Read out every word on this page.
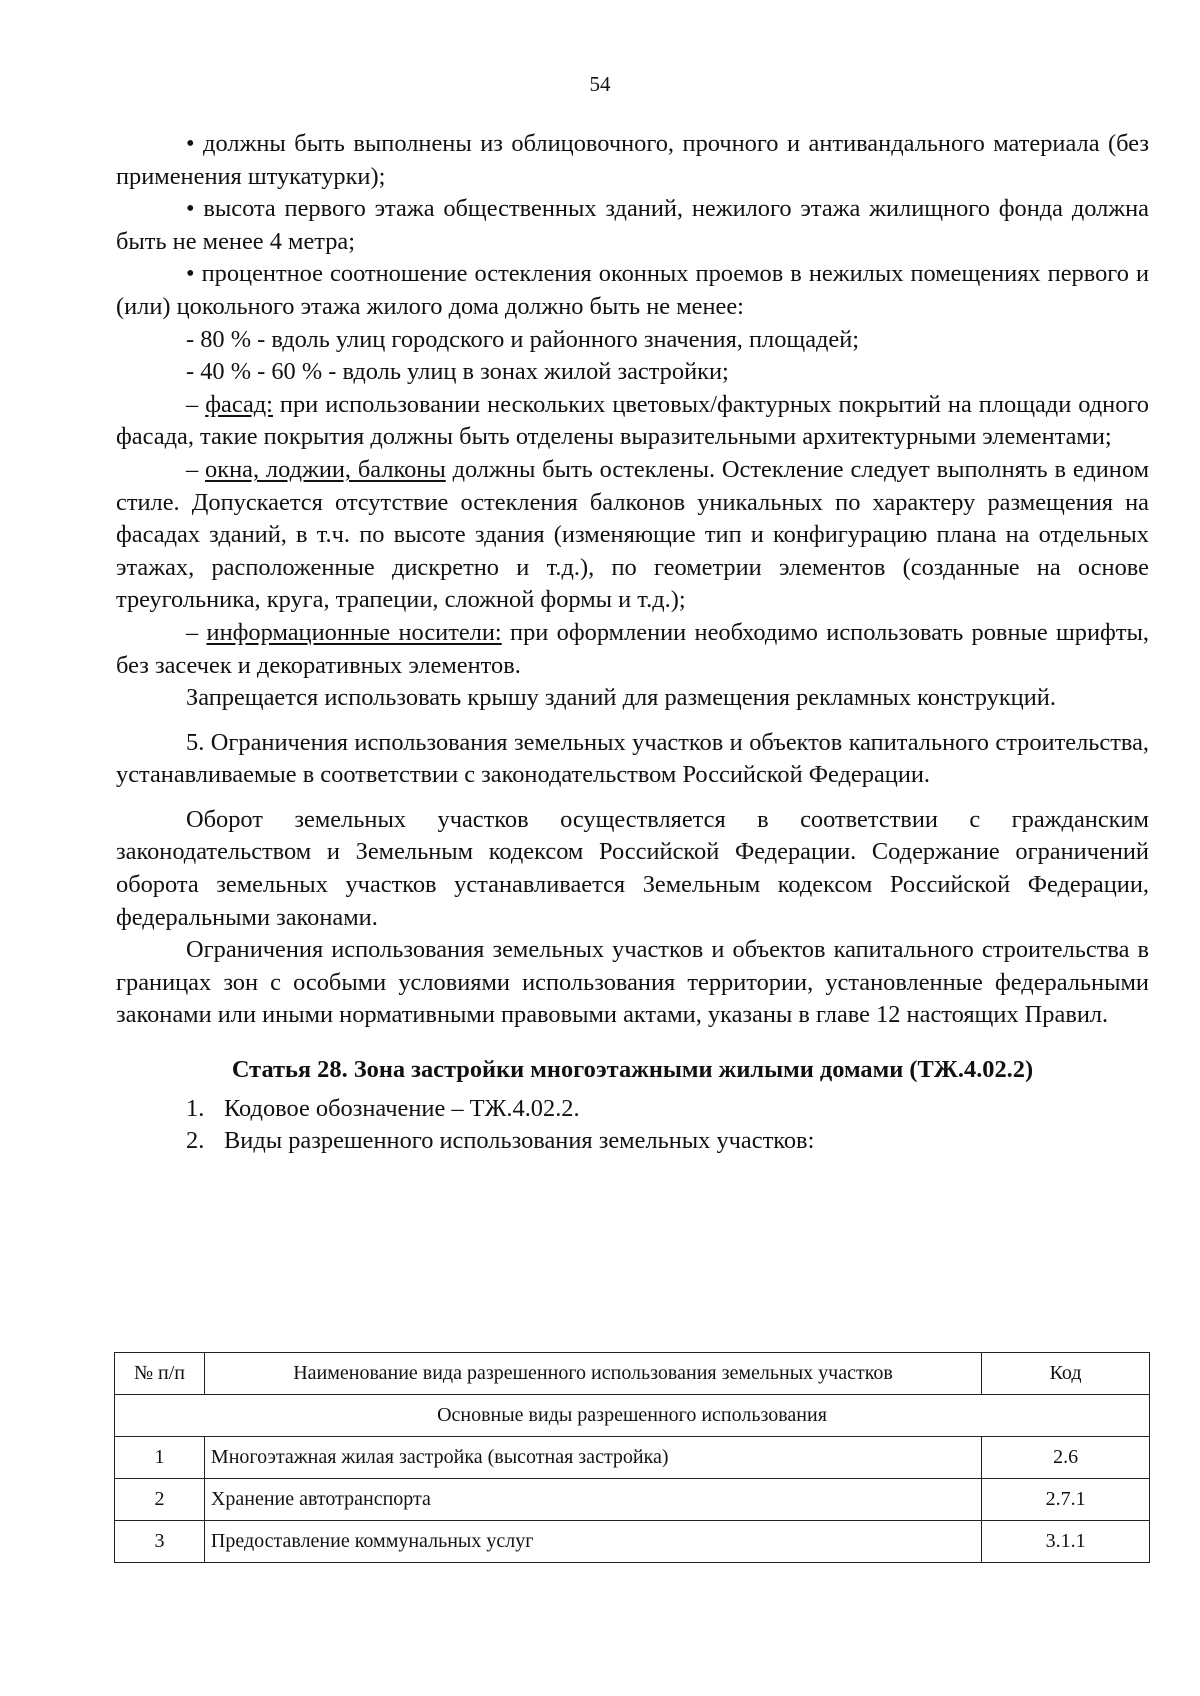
54

• должны быть выполнены из облицовочного, прочного и антивандального материала (без применения штукатурки);

• высота первого этажа общественных зданий, нежилого этажа жилищного фонда должна быть не менее 4 метра;

• процентное соотношение остекления оконных проемов в нежилых помещениях первого и (или) цокольного этажа жилого дома должно быть не менее:

- 80 % - вдоль улиц городского и районного значения, площадей;

- 40 % - 60 % - вдоль улиц в зонах жилой застройки;

– фасад: при использовании нескольких цветовых/фактурных покрытий на площади одного фасада, такие покрытия должны быть отделены выразительными архитектурными элементами;

– окна, лоджии, балконы должны быть остеклены. Остекление следует выполнять в едином стиле. Допускается отсутствие остекления балконов уникальных по характеру размещения на фасадах зданий, в т.ч. по высоте здания (изменяющие тип и конфигурацию плана на отдельных этажах, расположенные дискретно и т.д.), по геометрии элементов (созданные на основе треугольника, круга, трапеции, сложной формы и т.д.);

– информационные носители: при оформлении необходимо использовать ровные шрифты, без засечек и декоративных элементов.

Запрещается использовать крышу зданий для размещения рекламных конструкций.

5. Ограничения использования земельных участков и объектов капитального строительства, устанавливаемые в соответствии с законодательством Российской Федерации.

Оборот земельных участков осуществляется в соответствии с гражданским законодательством и Земельным кодексом Российской Федерации. Содержание ограничений оборота земельных участков устанавливается Земельным кодексом Российской Федерации, федеральными законами.

Ограничения использования земельных участков и объектов капитального строительства в границах зон с особыми условиями использования территории, установленные федеральными законами или иными нормативными правовыми актами, указаны в главе 12 настоящих Правил.

Статья 28. Зона застройки многоэтажными жилыми домами (ТЖ.4.02.2)

1. Кодовое обозначение – ТЖ.4.02.2.

2. Виды разрешенного использования земельных участков:

№ п/п	Наименование вида разрешенного использования земельных участков	Код
Основные виды разрешенного использования		
1	Многоэтажная жилая застройка (высотная застройка)	2.6
2	Хранение автотранспорта	2.7.1
3	Предоставление коммунальных услуг	3.1.1
